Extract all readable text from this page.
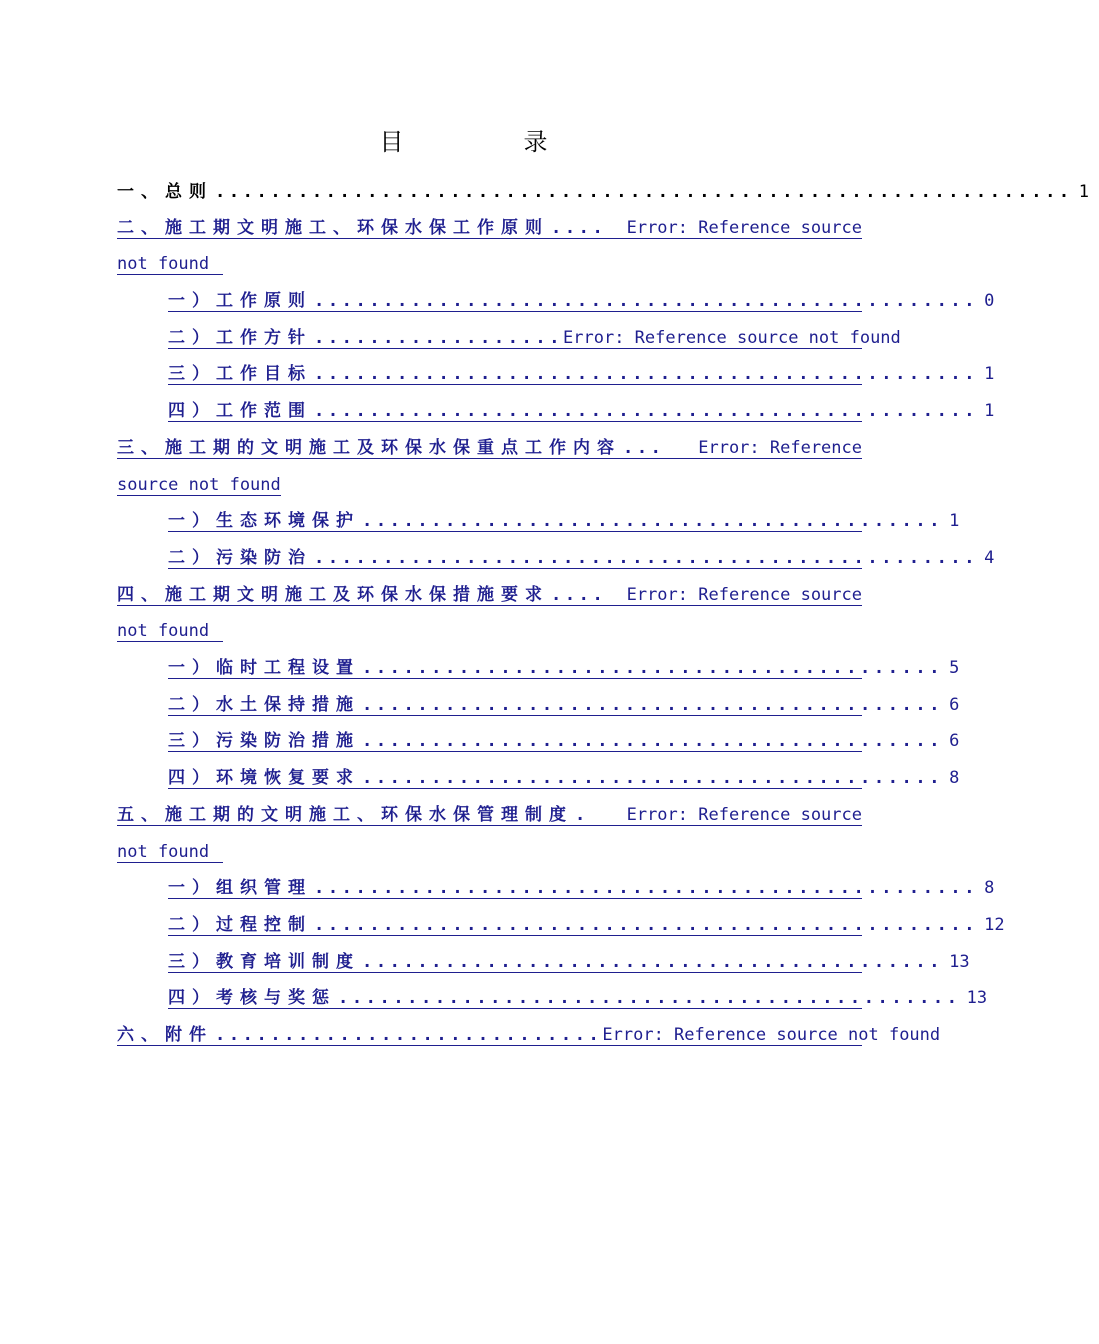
目　录
一、总则 .............................................................. 1
二、施工期文明施工、环保水保工作原则 .... Error: Reference source
not found
一）工作原则 ................................................ 0
二）工作方针 .................. Error: Reference source not found
三）工作目标 ................................................ 1
四）工作范围 ................................................ 1
三、施工期的文明施工及环保水保重点工作内容 ... Error: Reference
source not found
一）生态环境保护 .......................................... 1
二）污染防治 ................................................ 4
四、施工期文明施工及环保水保措施要求 .... Error: Reference source
not found
一）临时工程设置 .......................................... 5
二）水土保持措施 .......................................... 6
三）污染防治措施 .......................................... 6
四）环境恢复要求 .......................................... 8
五、施工期的文明施工、环保水保管理制度 . Error: Reference source
not found
一）组织管理 ................................................ 8
二）过程控制 ................................................ 12
三）教育培训制度 .......................................... 13
四）考核与奖惩 ............................................. 13
六、附件 ............................ Error: Reference source not found
